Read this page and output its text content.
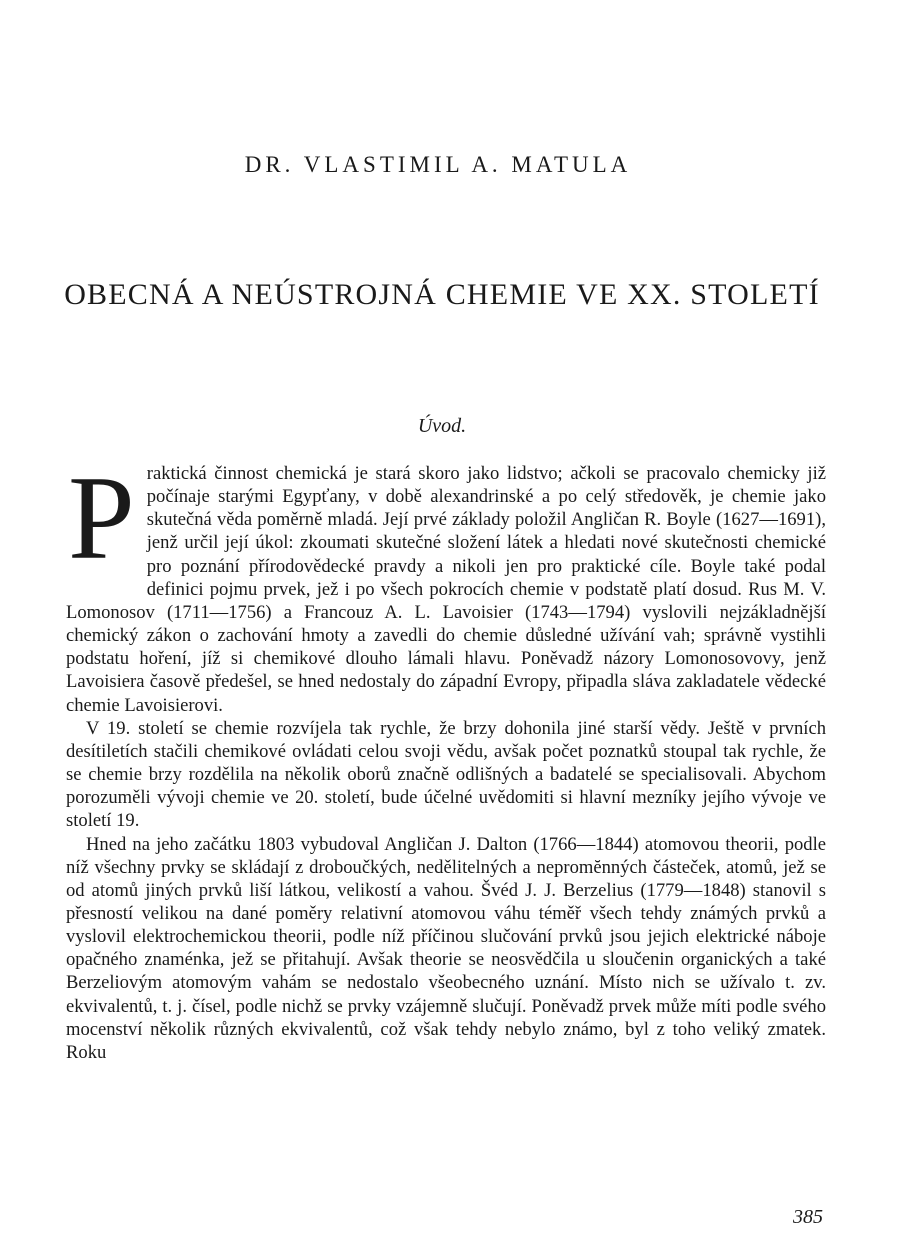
DR. VLASTIMIL A. MATULA
OBECNÁ A NEÚSTROJNÁ CHEMIE VE XX. STOLETÍ
Úvod.

Praktická činnost chemická je stará skoro jako lidstvo; ačkoli se pracovalo chemicky již počínaje starými Egypťany, v době alexandrinské a po celý středověk, je chemie jako skutečná věda poměrně mladá. Její prvé základy položil Angličan R. Boyle (1627—1691), jenž určil její úkol: zkoumati skutečné složení látek a hledati nové skutečnosti chemické pro poznání přírodovědecké pravdy a nikoli jen pro praktické cíle. Boyle také podal definici pojmu prvek, jež i po všech pokrocích chemie v podstatě platí dosud. Rus M. V. Lomonosov (1711—1756) a Francouz A. L. Lavoisier (1743—1794) vyslovili nejzákladnější chemický zákon o zachování hmoty a zavedli do chemie důsledné užívání vah; správně vystihli podstatu hoření, jíž si chemikové dlouho lámali hlavu. Poněvadž názory Lomonosovovy, jenž Lavoisiera časově předešel, se hned nedostaly do západní Evropy, připadla sláva zakladatele vědecké chemie Lavoisierovi.

V 19. století se chemie rozvíjela tak rychle, že brzy dohonila jiné starší vědy. Ještě v prvních desítiletích stačili chemikové ovládati celou svoji vědu, avšak počet poznatků stoupal tak rychle, že se chemie brzy rozdělila na několik oborů značně odlišných a badatelé se specialisovali. Abychom porozuměli vývoji chemie ve 20. století, bude účelné uvědomiti si hlavní mezníky jejího vývoje ve století 19.

Hned na jeho začátku 1803 vybudoval Angličan J. Dalton (1766—1844) atomovou theorii, podle níž všechny prvky se skládají z droboučkých, nedělitelných a nepromĕnných částeček, atomů, jež se od atomů jiných prvků liší látkou, velikostí a vahou. Švéd J. J. Berzelius (1779—1848) stanovil s přesností velikou na dané poměry relativní atomovou váhu téměř všech tehdy známých prvků a vyslovil elektrochemickou theorii, podle níž příčinou slučování prvků jsou jejich elektrické náboje opačného znaménka, jež se přitahují. Avšak theorie se neosvědčila u sloučenin organických a také Berzeliovým atomovým vahám se nedostalo všeobecného uznání. Místo nich se užívalo t. zv. ekvivalentů, t. j. čísel, podle nichž se prvky vzájemně slučují. Poněvadž prvek může míti podle svého mocenství několik různých ekvivalentů, což však tehdy nebylo známo, byl z toho veliký zmatek. Roku

385
